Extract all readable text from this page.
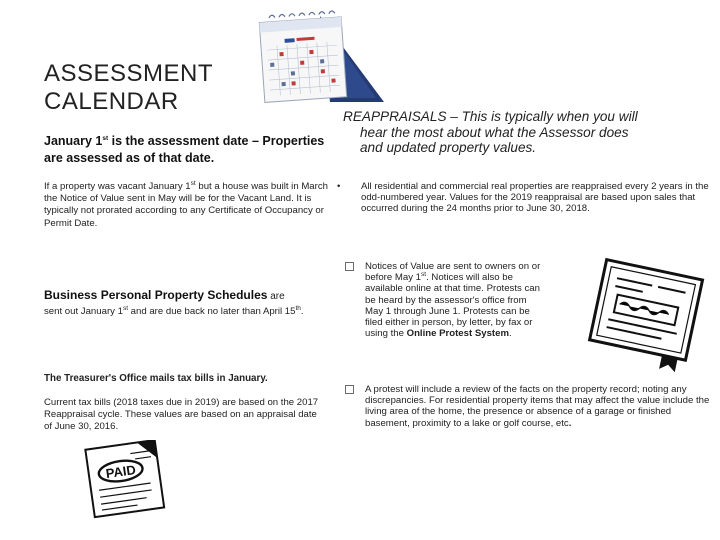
ASSESSMENT CALENDAR
January 1st is the assessment date – Properties are assessed as of that date.
If a property was vacant January 1st but a house was built in March the Notice of Value sent in May will be for the Vacant Land. It is typically not prorated according to any Certificate of Occupancy or Permit Date.
Business Personal Property Schedules are
sent out January 1st and are due back no later than April 15th.
The Treasurer's Office mails tax bills in January.
Current tax bills (2018 taxes due in 2019) are based on the 2017 Reappraisal cycle. These values are based on an appraisal date of June 30, 2016.
PAID
REAPPRAISALS – This is typically when you will
hear the most about what the Assessor does
and updated property values.
•	All residential and commercial real properties are reappraised every 2 years in the odd-numbered year. Values for the 2019 reappraisal are based upon sales that occurred during the 24 months prior to June 30, 2018.
Notices of Value are sent to owners on or before May 1st. Notices will also be available online at that time. Protests can be heard by the assessor's office from May 1 through June 1. Protests can be filed either in person, by letter, by fax or using the Online Protest System.
A protest will include a review of the facts on the property record; noting any discrepancies. For residential property items that may affect the value include the living area of the home, the presence or absence of a garage or finished basement, proximity to a lake or golf course, etc.
